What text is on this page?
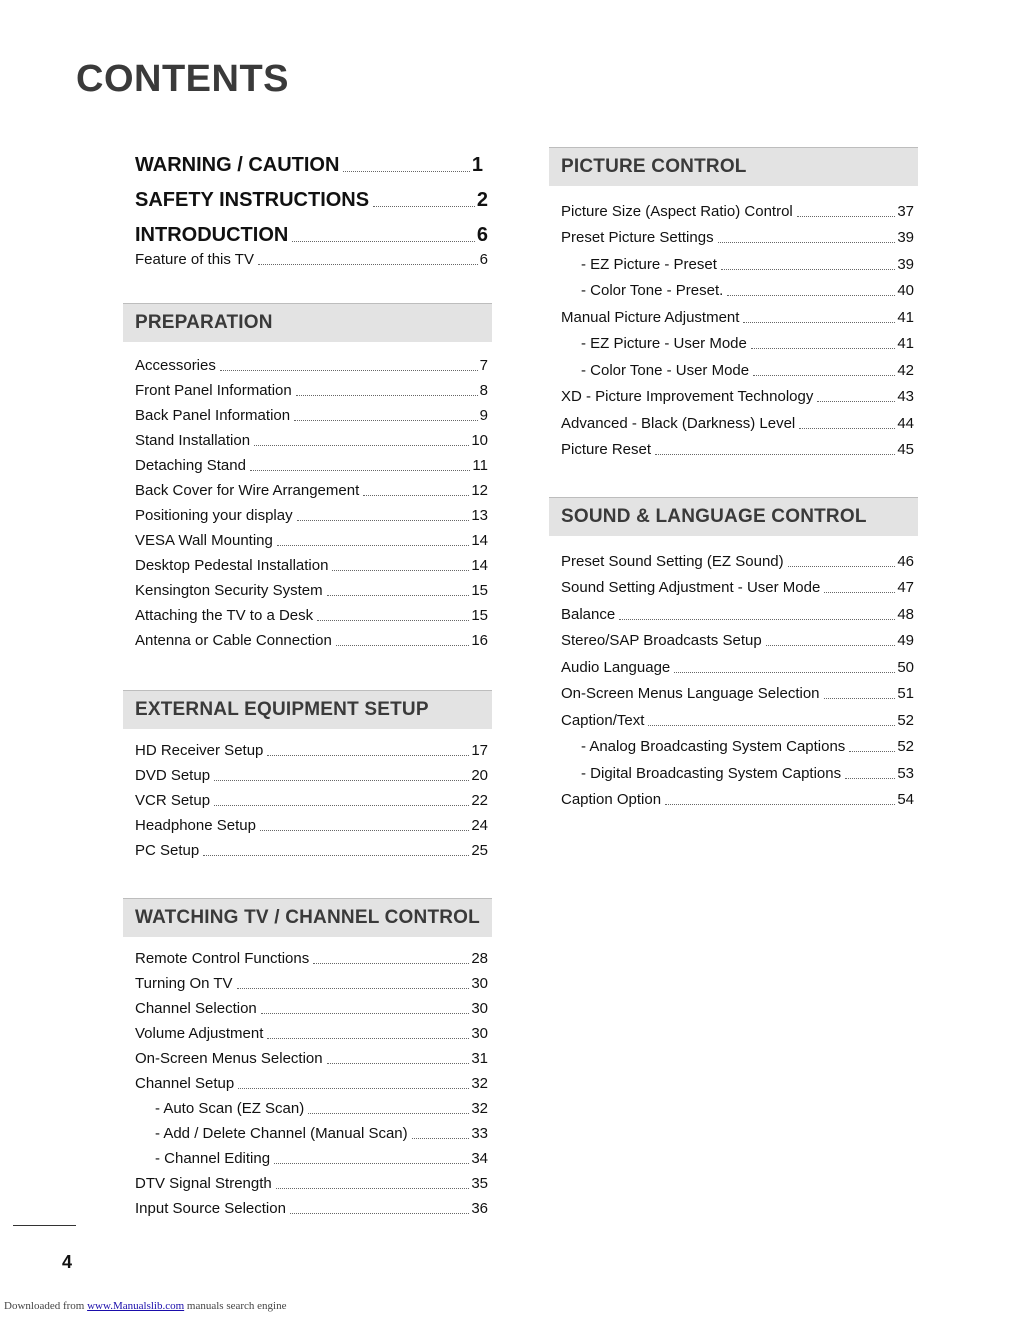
CONTENTS
WARNING / CAUTION	1
SAFETY INSTRUCTIONS	2
INTRODUCTION	6
Feature of this TV	6
PREPARATION
Accessories	7
Front Panel Information	8
Back Panel Information	9
Stand Installation	10
Detaching Stand	11
Back Cover for Wire Arrangement	12
Positioning your display	13
VESA Wall Mounting	14
Desktop Pedestal Installation	14
Kensington Security System	15
Attaching the TV to a Desk	15
Antenna or Cable Connection	16
EXTERNAL EQUIPMENT SETUP
HD Receiver Setup	17
DVD Setup	20
VCR Setup	22
Headphone Setup	24
PC Setup	25
WATCHING TV / CHANNEL CONTROL
Remote Control Functions	28
Turning On TV	30
Channel Selection	30
Volume Adjustment	30
On-Screen Menus Selection	31
Channel Setup	32
- Auto Scan (EZ Scan)	32
- Add / Delete Channel (Manual Scan)	33
- Channel Editing	34
DTV Signal Strength	35
Input Source Selection	36
PICTURE CONTROL
Picture Size (Aspect Ratio) Control	37
Preset Picture Settings	39
- EZ Picture - Preset	39
- Color Tone - Preset.	40
Manual Picture Adjustment	41
- EZ Picture - User Mode	41
- Color Tone - User Mode	42
XD - Picture Improvement Technology	43
Advanced - Black (Darkness) Level	44
Picture Reset	45
SOUND & LANGUAGE CONTROL
Preset Sound Setting (EZ Sound)	46
Sound Setting Adjustment - User Mode	47
Balance	48
Stereo/SAP Broadcasts Setup	49
Audio Language	50
On-Screen Menus Language Selection	51
Caption/Text	52
- Analog Broadcasting System Captions	52
- Digital Broadcasting System Captions	53
Caption Option	54
4
Downloaded from www.Manualslib.com manuals search engine
